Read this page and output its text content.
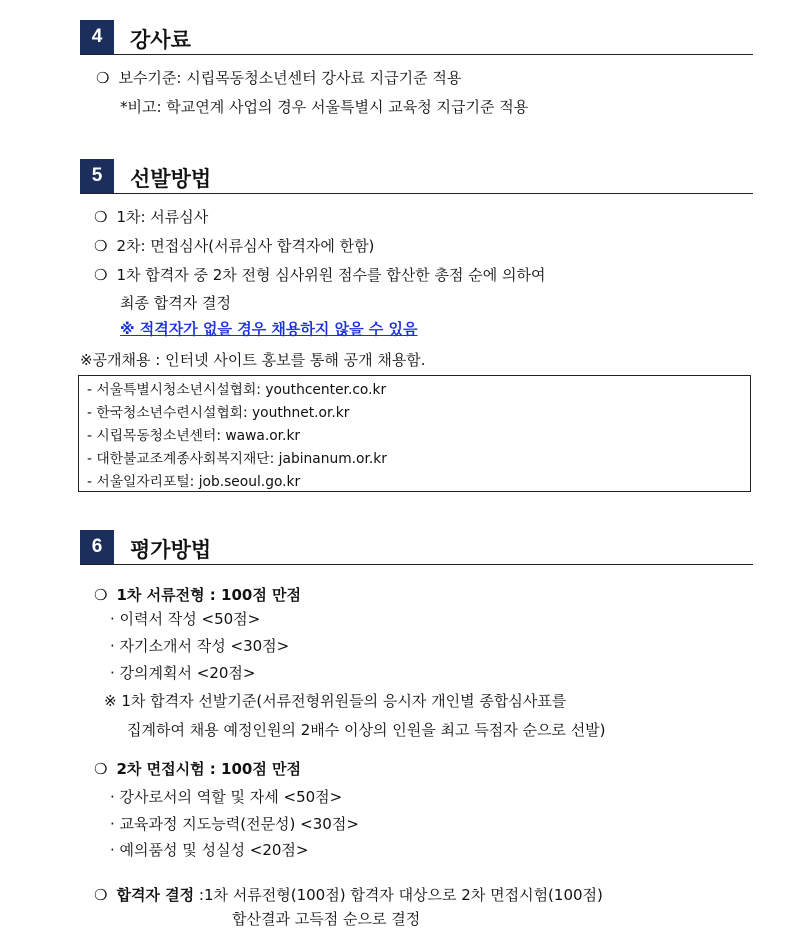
4	강사료
❍ 보수기준: 시립목동청소년센터 강사료 지급기준 적용
*비고: 학교연계 사업의 경우 서울특별시 교육청 지급기준 적용
5	선발방법
❍ 1차: 서류심사
❍ 2차: 면접심사(서류심사 합격자에 한함)
❍ 1차 합격자 중 2차 전형 심사위원 점수를 합산한 총점 순에 의하여
최종 합격자 결정
※ 적격자가 없을 경우 채용하지 않을 수 있음
※공개채용 : 인터넷 사이트 홍보를 통해 공개 채용함.
- 서울특별시청소년시설협회: youthcenter.co.kr
- 한국청소년수련시설협회: youthnet.or.kr
- 시립목동청소년센터: wawa.or.kr
- 대한불교조계종사회복지재단: jabinanum.or.kr
- 서울일자리포털: job.seoul.go.kr
6	평가방법
❍ 1차 서류전형 : 100점 만점
· 이력서 작성 <50점>
· 자기소개서 작성 <30점>
· 강의계획서 <20점>
※ 1차 합격자 선발기준(서류전형위원들의 응시자 개인별 종합심사표를
집계하여 채용 예정인원의 2배수 이상의 인원을 최고 득점자 순으로 선발)
❍ 2차 면접시험 : 100점 만점
· 강사로서의 역할 및 자세 <50점>
· 교육과정 지도능력(전문성) <30점>
· 예의품성 및 성실성 <20점>
❍ 합격자 결정 :1차 서류전형(100점) 합격자 대상으로 2차 면접시험(100점)
합산결과 고득점 순으로 결정
